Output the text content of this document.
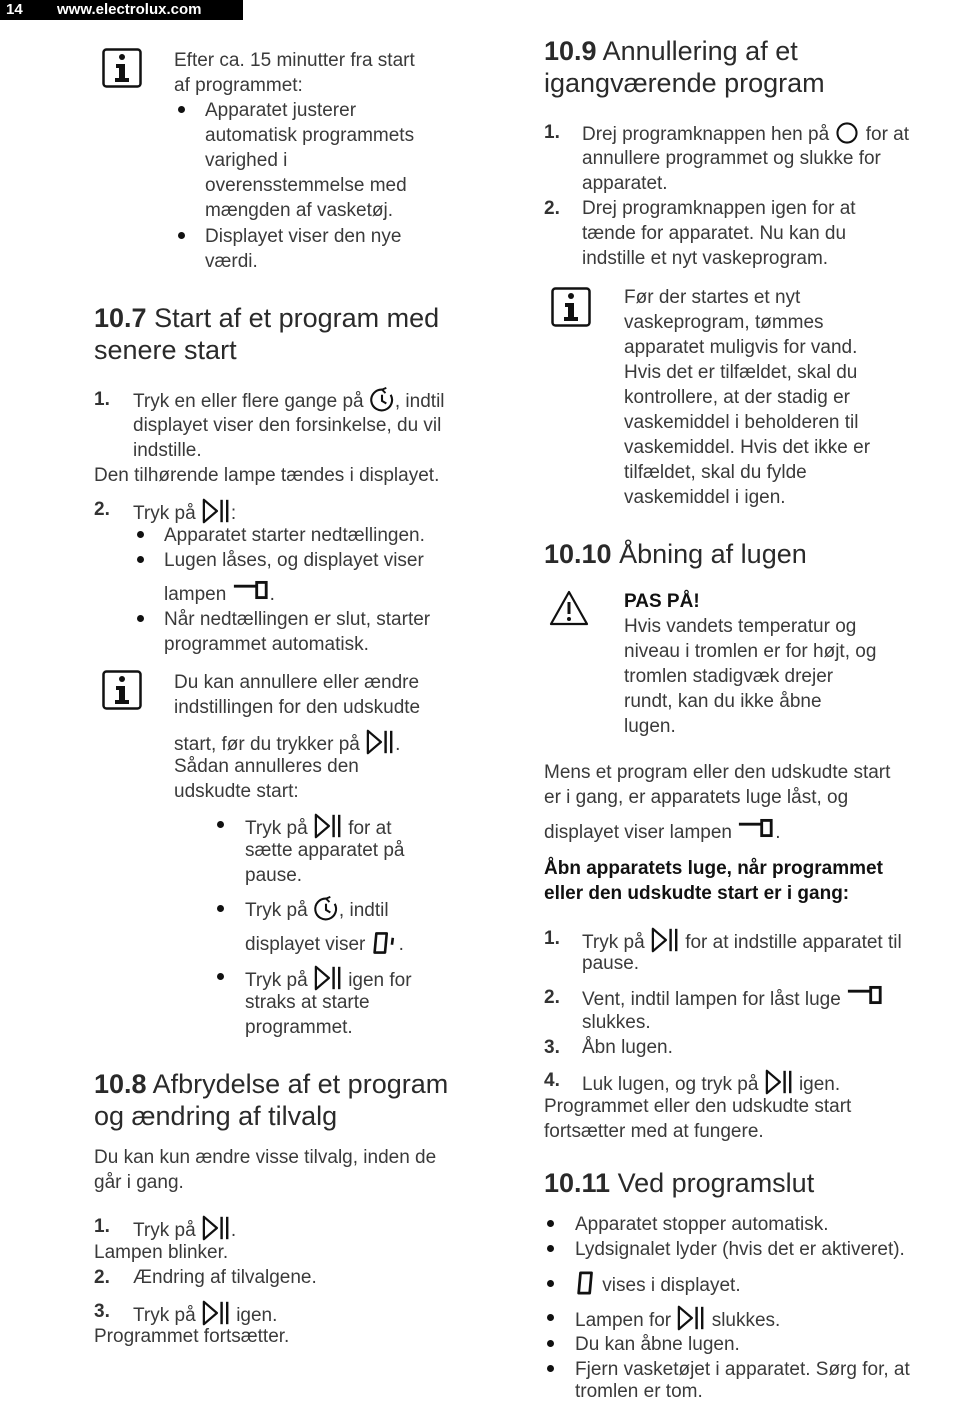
14 www.electrolux.com

Efter ca. 15 minutter fra start

af programmet:

Apparatet justerer

automatisk programmets

varighed i

overensstemmelse med

mængden af vasketøj.

Displayet viser den nye

værdi.

10.7 Start af et program med
senere start
1. Tryk en eller flere gange på , indtil

displayet viser den forsinkelse, du vil

indstille.

Den tilhørende lampe tændes i displayet.

2. Tryk på :

Apparatet starter nedtællingen.

Lugen låses, og displayet viser

lampen .

Når nedtællingen er slut, starter

programmet automatisk.

Du kan annullere eller ændre

indstillingen for den udskudte

start, før du trykker på .

Sådan annulleres den

udskudte start:

Tryk på for at

sætte apparatet på

pause.

Tryk på , indtil
displayet viser .
Tryk på igen for

straks at starte

programmet.

10.8 Afbrydelse af et program
og ændring af tilvalg

Du kan kun ændre visse tilvalg, inden de

går i gang.

1. Tryk på .

Lampen blinker.

2. Ændring af tilvalgene.

3. Tryk på igen.

Programmet fortsætter.

10.9 Annullering af et
igangværende program
1. Drej programknappen hen på for at

annullere programmet og slukke for

apparatet.

2. Drej programknappen igen for at

tænde for apparatet. Nu kan du

indstille et nyt vaskeprogram.

Før der startes et nyt

vaskeprogram, tømmes

apparatet muligvis for vand.

Hvis det er tilfældet, skal du

kontrollere, at der stadig er

vaskemiddel i beholderen til

vaskemiddel. Hvis det ikke er

tilfældet, skal du fylde

vaskemiddel i igen.

10.10 Åbning af lugen

PAS PÅ!

Hvis vandets temperatur og

niveau i tromlen er for højt, og

tromlen stadigvæk drejer

rundt, kan du ikke åbne

lugen.

Mens et program eller den udskudte start

er i gang, er apparatets luge låst, og

displayet viser lampen .

Åbn apparatets luge, når programmet

eller den udskudte start er i gang:

1. Tryk på for at indstille apparatet til

pause.

2. Vent, indtil lampen for låst luge

slukkes.

3. Åbn lugen.

4. Luk lugen, og tryk på igen.

Programmet eller den udskudte start

fortsætter med at fungere.

10.11 Ved programslut

Apparatet stopper automatisk.

Lydsignalet lyder (hvis det er aktiveret).

vises i displayet.
Lampen for slukkes.

Du kan åbne lugen.

Fjern vasketøjet i apparatet. Sørg for, at

tromlen er tom.
